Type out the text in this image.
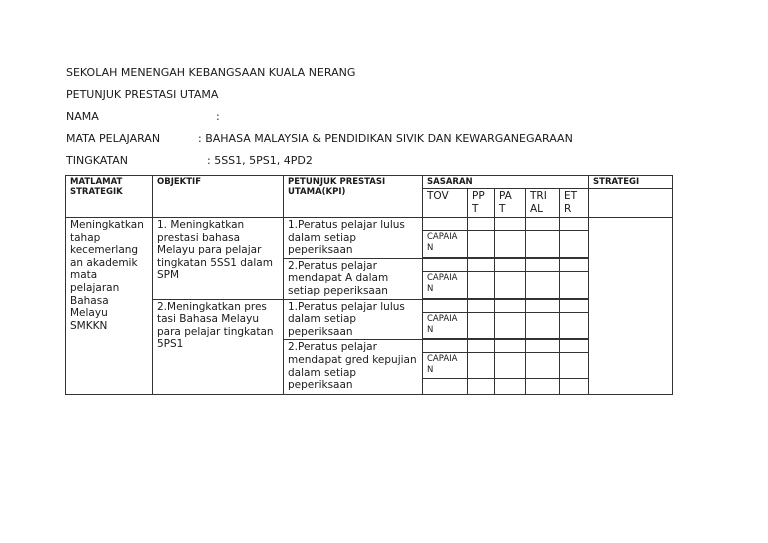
SEKOLAH MENENGAH KEBANGSAAN KUALA NERANG
PETUNJUK PRESTASI UTAMA
NAMA	:
MATA PELAJARAN	: BAHASA MALAYSIA & PENDIDIKAN SIVIK DAN KEWARGANEGARAAN
TINGKATAN	: 5SS1, 5PS1, 4PD2
MATLAMAT STRATEGIK	OBJEKTIF	PETUNJUK PRESTASI UTAMA(KPI)	SASARAN					STRATEGI
			TOV	PP T	PA T	TRI AL	ET R	
Meningkatkan tahap kecemerlang an akademik mata pelajaran Bahasa Melayu SMKKN	1. Meningkatkan prestasi bahasa Melayu para pelajar tingkatan 5SS1 dalam SPM	1.Peratus pelajar lulus dalam setiap peperiksaan						
			CAPAIA N					

		2.Peratus pelajar mendapat A dalam setiap peperiksaan						
			CAPAIA N					

	2.Meningkatkan pres tasi Bahasa Melayu para pelajar tingkatan 5PS1	1.Peratus pelajar lulus dalam setiap peperiksaan						
			CAPAIA N					

		2.Peratus pelajar mendapat gred kepujian dalam setiap peperiksaan						
			CAPAIA N					
